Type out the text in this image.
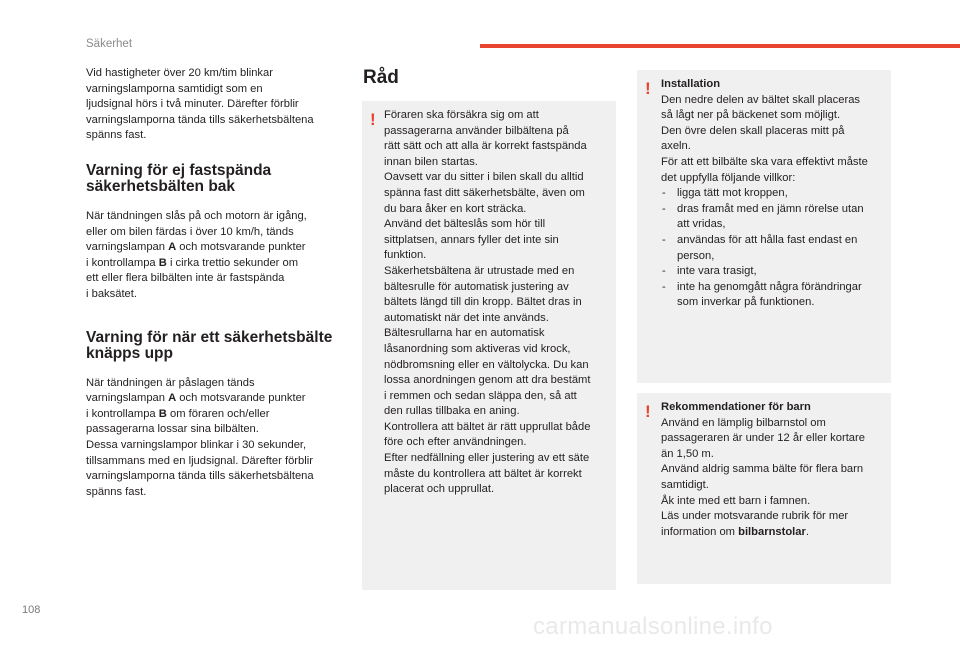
Säkerhet

Vid hastigheter över 20 km/tim blinkar
varningslamporna samtidigt som en
ljudsignal hörs i två minuter. Därefter förblir
varningslamporna tända tills säkerhetsbältena
spänns fast.

Varning för ej fastspända
säkerhetsbälten bak

När tändningen slås på och motorn är igång,
eller om bilen färdas i över 10 km/h, tänds
varningslampan A och motsvarande punkter
i kontrollampa B i cirka trettio sekunder om
ett eller flera bilbälten inte är fastspända
i baksätet.

Varning för när ett säkerhetsbälte
knäpps upp

När tändningen är påslagen tänds
varningslampan A och motsvarande punkter
i kontrollampa B om föraren och/eller
passagerarna lossar sina bilbälten.
Dessa varningslampor blinkar i 30 sekunder,
tillsammans med en ljudsignal. Därefter förblir
varningslamporna tända tills säkerhetsbältena
spänns fast.

Råd
! Föraren ska försäkra sig om att
passagerarna använder bilbältena på
rätt sätt och att alla är korrekt fastspända
innan bilen startas.
Oavsett var du sitter i bilen skall du alltid
spänna fast ditt säkerhetsbälte, även om
du bara åker en kort sträcka.
Använd det bälteslås som hör till
sittplatsen, annars fyller det inte sin
funktion.
Säkerhetsbältena är utrustade med en
bältesrulle för automatisk justering av
bältets längd till din kropp. Bältet dras in
automatiskt när det inte används.
Bältesrullarna har en automatisk
låsanordning som aktiveras vid krock,
nödbromsning eller en vältolycka. Du kan
lossa anordningen genom att dra bestämt
i remmen och sedan släppa den, så att
den rullas tillbaka en aning.
Kontrollera att bältet är rätt upprullat både
före och efter användningen.
Efter nedfällning eller justering av ett säte
måste du kontrollera att bältet är korrekt
placerat och upprullat.

! Installation

Den nedre delen av bältet skall placeras
så lågt ner på bäckenet som möjligt.
Den övre delen skall placeras mitt på
axeln.
För att ett bilbälte ska vara effektivt måste
det uppfylla följande villkor:

- ligga tätt mot kroppen,
- dras framåt med en jämn rörelse utan
att vridas,
- användas för att hålla fast endast en
person,
- inte vara trasigt,
- inte ha genomgått några förändringar
som inverkar på funktionen.
! Rekommendationer för barn

Använd en lämplig bilbarnstol om
passageraren är under 12 år eller kortare
än 1,50 m.
Använd aldrig samma bälte för flera barn
samtidigt.
Åk inte med ett barn i famnen.
Läs under motsvarande rubrik för mer
information om bilbarnstolar.

108
carmanualsonline.info
